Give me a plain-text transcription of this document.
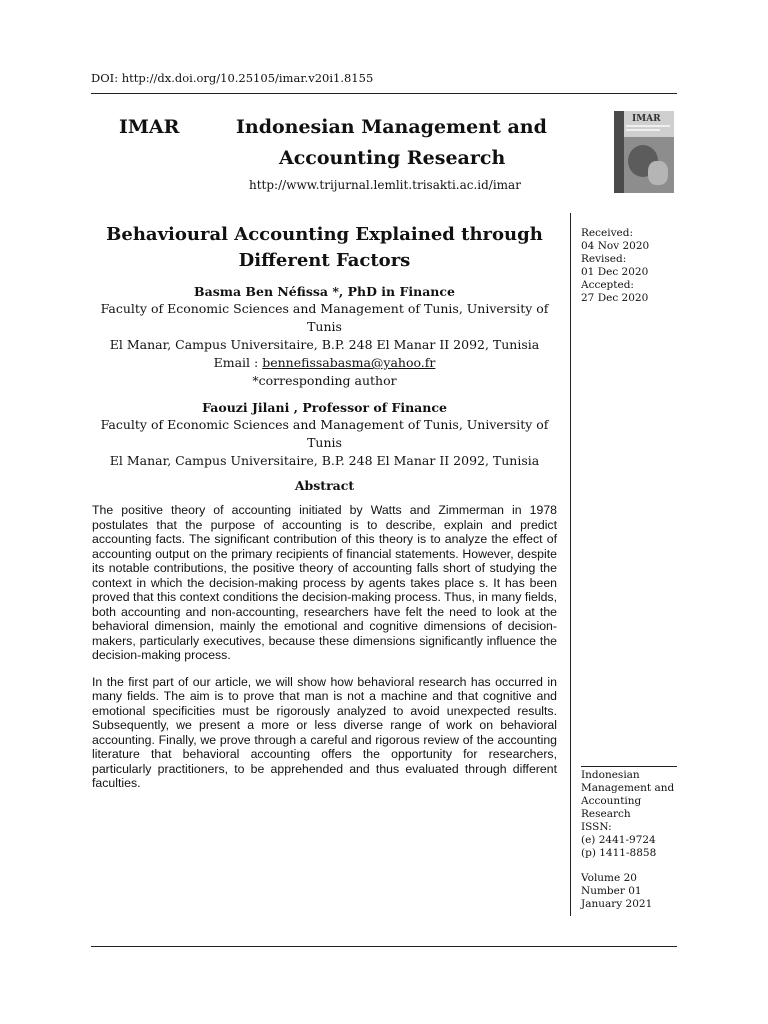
DOI: http://dx.doi.org/10.25105/imar.v20i1.8155
IMAR	Indonesian Management and
Accounting Research
http://www.trijurnal.lemlit.trisakti.ac.id/imar
IMAR
Behavioural Accounting Explained through Different Factors
Basma Ben Néfissa *, PhD in Finance
Faculty of Economic Sciences and Management of Tunis, University of Tunis
El Manar, Campus Universitaire, B.P. 248 El Manar II 2092, Tunisia
Email : bennefissabasma@yahoo.fr
*corresponding author
Faouzi Jilani , Professor of Finance
Faculty of Economic Sciences and Management of Tunis, University of Tunis
El Manar, Campus Universitaire, B.P. 248 El Manar II 2092, Tunisia
Abstract

The positive theory of accounting initiated by Watts and Zimmerman in 1978 postulates that the purpose of accounting is to describe, explain and predict accounting facts. The significant contribution of this theory is to analyze the effect of accounting output on the primary recipients of financial statements. However, despite its notable contributions, the positive theory of accounting falls short of studying the context in which the decision-making process by agents takes place s. It has been proved that this context conditions the decision-making process. Thus, in many fields, both accounting and non-accounting, researchers have felt the need to look at the behavioral dimension, mainly the emotional and cognitive dimensions of decision-makers, particularly executives, because these dimensions significantly influence the decision-making process.

In the first part of our article, we will show how behavioral research has occurred in many fields. The aim is to prove that man is not a machine and that cognitive and emotional specificities must be rigorously analyzed to avoid unexpected results. Subsequently, we present a more or less diverse range of work on behavioral accounting. Finally, we prove through a careful and rigorous review of the accounting literature that behavioral accounting offers the opportunity for researchers, particularly practitioners, to be apprehended and thus evaluated through different faculties.

Received:
04 Nov 2020
Revised:
01 Dec 2020
Accepted:
27 Dec 2020
Indonesian
Management and
Accounting
Research
ISSN:
(e) 2441-9724
(p) 1411-8858
Volume 20
Number 01
January 2021
